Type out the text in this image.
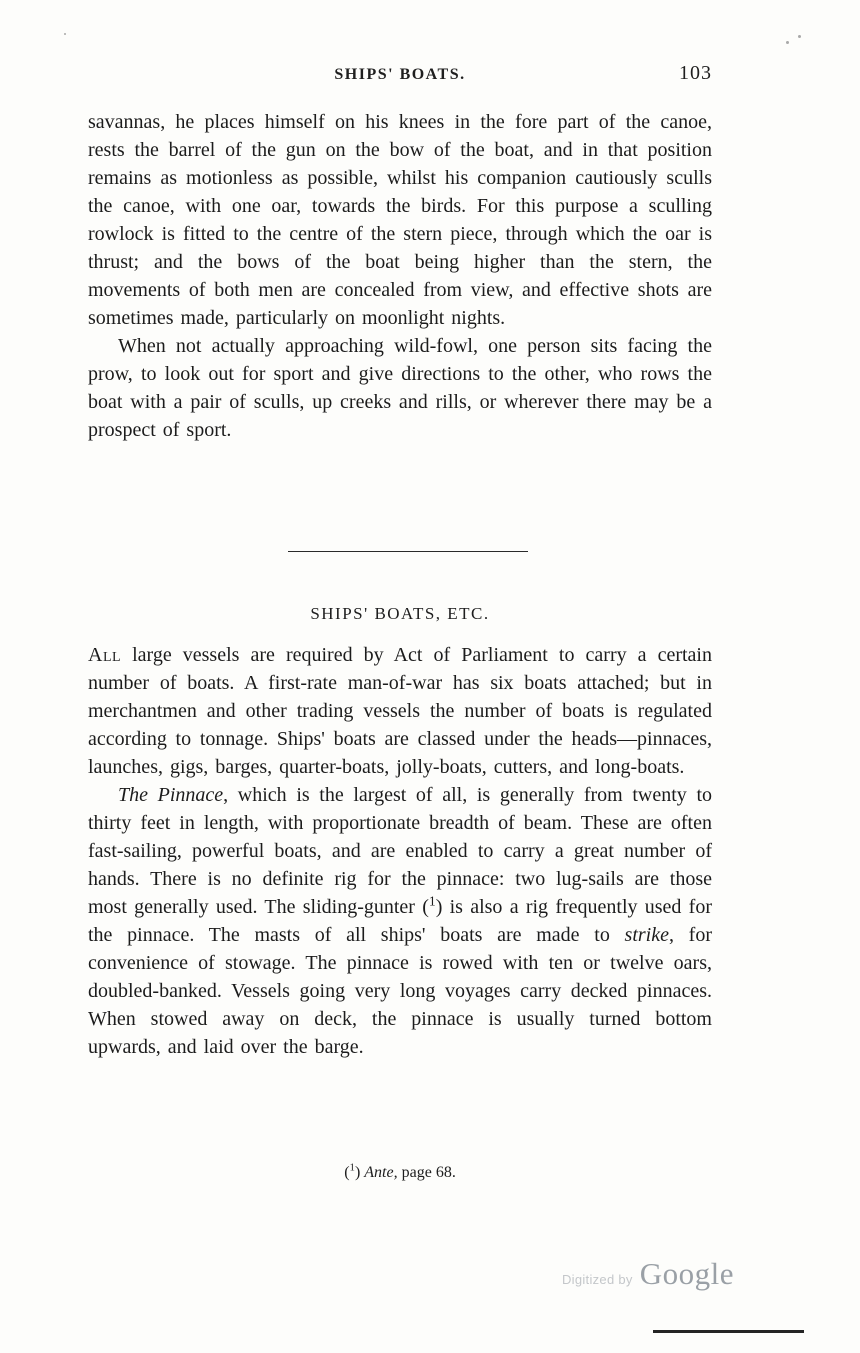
SHIPS' BOATS.	103

savannas, he places himself on his knees in the fore part of the canoe, rests the barrel of the gun on the bow of the boat, and in that position remains as motionless as possible, whilst his companion cautiously sculls the canoe, with one oar, towards the birds. For this purpose a sculling rowlock is fitted to the centre of the stern piece, through which the oar is thrust; and the bows of the boat being higher than the stern, the movements of both men are concealed from view, and effective shots are sometimes made, particularly on moonlight nights.

When not actually approaching wild-fowl, one person sits facing the prow, to look out for sport and give directions to the other, who rows the boat with a pair of sculls, up creeks and rills, or wherever there may be a prospect of sport.

SHIPS' BOATS, ETC.

All large vessels are required by Act of Parliament to carry a certain number of boats. A first-rate man-of-war has six boats attached; but in merchantmen and other trading vessels the number of boats is regulated according to tonnage. Ships' boats are classed under the heads—pinnaces, launches, gigs, barges, quarter-boats, jolly-boats, cutters, and long-boats.

The Pinnace, which is the largest of all, is generally from twenty to thirty feet in length, with proportionate breadth of beam. These are often fast-sailing, powerful boats, and are enabled to carry a great number of hands. There is no definite rig for the pinnace: two lug-sails are those most generally used. The sliding-gunter ($^1$) is also a rig frequently used for the pinnace. The masts of all ships' boats are made to strike, for convenience of stowage. The pinnace is rowed with ten or twelve oars, doubled-banked. Vessels going very long voyages carry decked pinnaces. When stowed away on deck, the pinnace is usually turned bottom upwards, and laid over the barge.

($^1$) Ante, page 68.
Digitized by Google
